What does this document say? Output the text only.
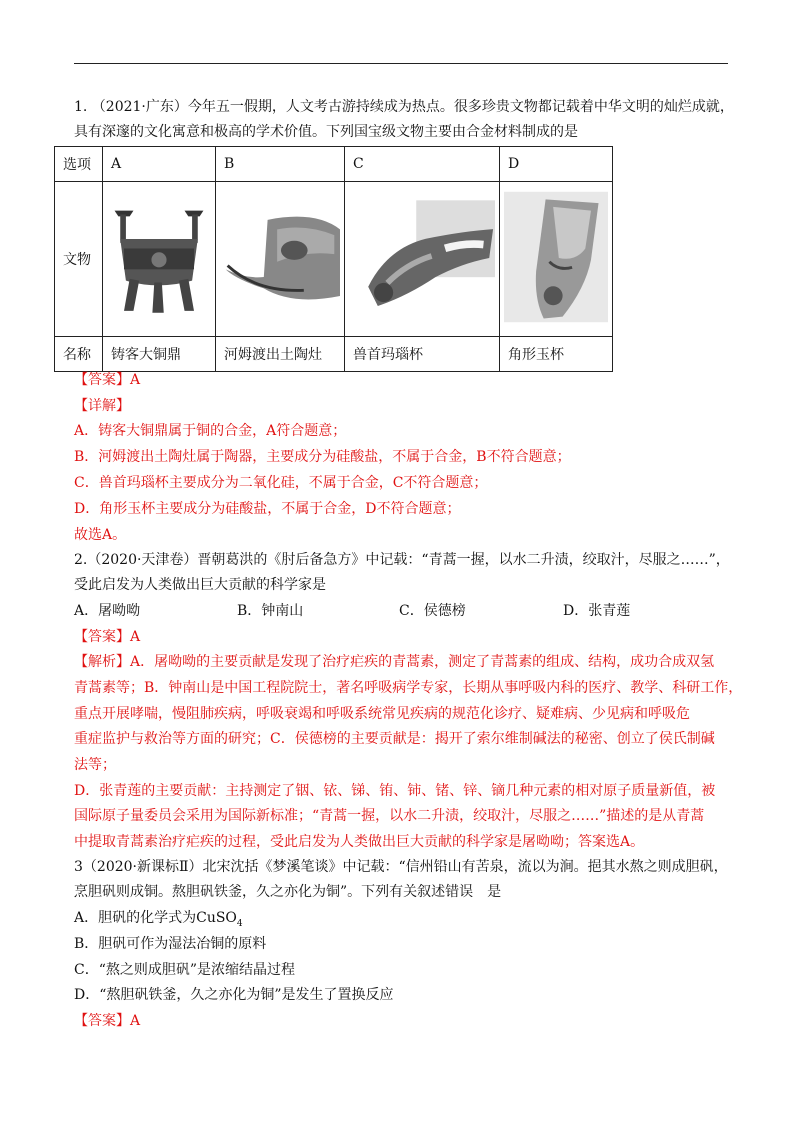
1. （2021·广东）今年五一假期，人文考古游持续成为热点。很多珍贵文物都记载着中华文明的灿烂成就，
具有深邃的文化寓意和极高的学术价值。下列国宝级文物主要由合金材料制成的是
选项	A	B	C	D
文物				
名称	铸客大铜鼎	河姆渡出土陶灶	兽首玛瑙杯	角形玉杯
【答案】A
【详解】
A．铸客大铜鼎属于铜的合金，A符合题意；
B．河姆渡出土陶灶属于陶器，主要成分为硅酸盐，不属于合金，B不符合题意；
C．兽首玛瑙杯主要成分为二氧化硅，不属于合金，C不符合题意；
D．角形玉杯主要成分为硅酸盐，不属于合金，D不符合题意；
故选A。
2.（2020·天津卷）晋朝葛洪的《肘后备急方》中记载：“青蒿一握，以水二升渍，绞取汁，尽服之……”，
受此启发为人类做出巨大贡献的科学家是
A．屠呦呦	B．钟南山	C．侯德榜	D．张青莲
【答案】A
【解析】A．屠呦呦的主要贡献是发现了治疗疟疾的青蒿素，测定了青蒿素的组成、结构，成功合成双氢
青蒿素等；B．钟南山是中国工程院院士，著名呼吸病学专家，长期从事呼吸内科的医疗、教学、科研工作，
重点开展哮喘，慢阻肺疾病，呼吸衰竭和呼吸系统常见疾病的规范化诊疗、疑难病、少见病和呼吸危
重症监护与救治等方面的研究；C．侯德榜的主要贡献是：揭开了索尔维制碱法的秘密、创立了侯氏制碱
法等；
D．张青莲的主要贡献：主持测定了铟、铱、锑、铕、铈、锗、锌、镝几种元素的相对原子质量新值，被
国际原子量委员会采用为国际新标准；“青蒿一握，以水二升渍，绞取汁，尽服之……”描述的是从青蒿
中提取青蒿素治疗疟疾的过程，受此启发为人类做出巨大贡献的科学家是屠呦呦；答案选A。
3（2020·新课标Ⅱ）北宋沈括《梦溪笔谈》中记载：“信州铅山有苦泉，流以为涧。挹其水熬之则成胆矾，
烹胆矾则成铜。熬胆矾铁釜，久之亦化为铜”。下列有关叙述错误　是
A．胆矾的化学式为CuSO$_4$
B．胆矾可作为湿法冶铜的原料
C．“熬之则成胆矾”是浓缩结晶过程
D．“熬胆矾铁釜，久之亦化为铜”是发生了置换反应
【答案】A
